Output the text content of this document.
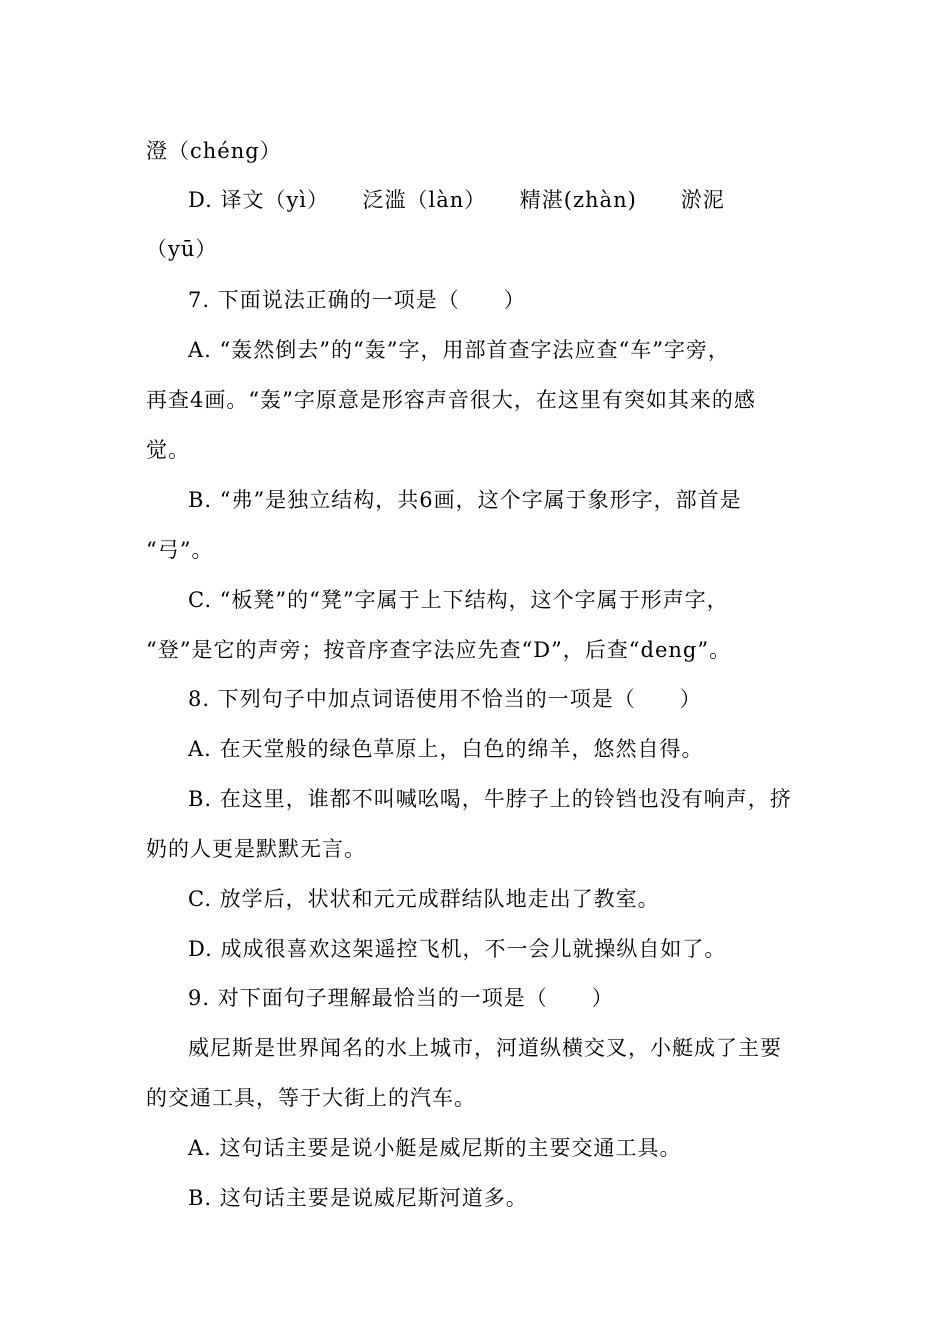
澄（chéng）
D. 译文（yì）　　泛滥（làn）　　精湛(zhàn)　　淤泥
（yū）
7. 下面说法正确的一项是（　　）
A. “轰然倒去”的“轰”字，用部首查字法应查“车”字旁，
再查4画。“轰”字原意是形容声音很大，在这里有突如其来的感
觉。
B. “弗”是独立结构，共6画，这个字属于象形字，部首是
“弓”。
C. “板凳”的“凳”字属于上下结构，这个字属于形声字，
“登”是它的声旁；按音序查字法应先查“D”，后查“deng”。
8. 下列句子中加点词语使用不恰当的一项是（　　）
A. 在天堂般的绿色草原上，白色的绵羊，悠然自得。
B. 在这里，谁都不叫喊吆喝，牛脖子上的铃铛也没有响声，挤
奶的人更是默默无言。
C. 放学后，状状和元元成群结队地走出了教室。
D. 成成很喜欢这架遥控飞机，不一会儿就操纵自如了。
9. 对下面句子理解最恰当的一项是（　　）
威尼斯是世界闻名的水上城市，河道纵横交叉，小艇成了主要
的交通工具，等于大街上的汽车。
A. 这句话主要是说小艇是威尼斯的主要交通工具。
B. 这句话主要是说威尼斯河道多。
